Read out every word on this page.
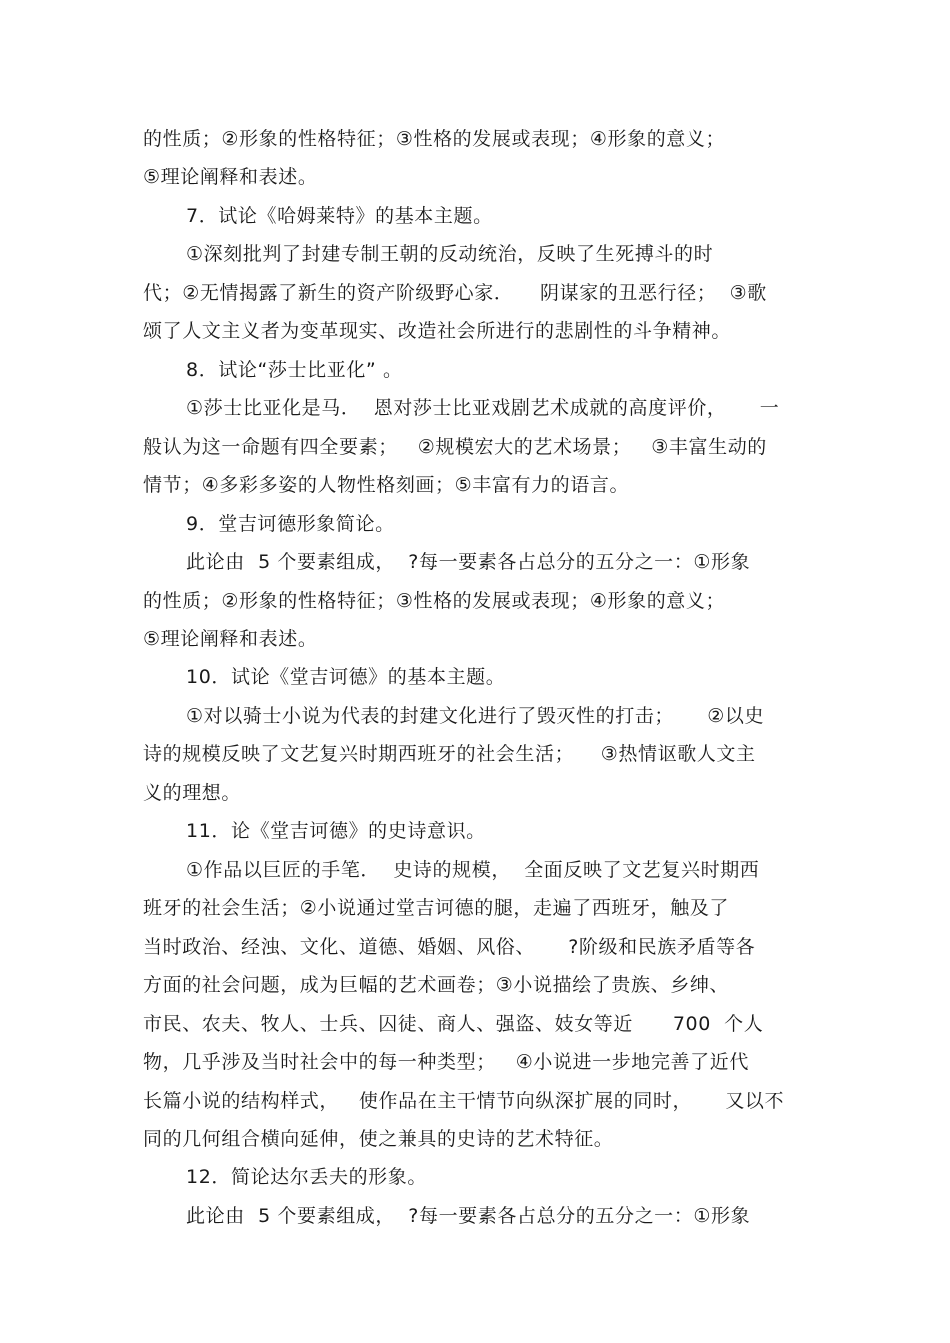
的性质；②形象的性格特征；③性格的发展或表现；④形象的意义；
⑤理论阐释和表述。
7．试论《哈姆莱特》的基本主题。
①深刻批判了封建专制王朝的反动统治，反映了生死搏斗的时
代；②无情揭露了新生的资产阶级野心家．    阴谋家的丑恶行径；  ③歌
颂了人文主义者为变革现实、改造社会所进行的悲剧性的斗争精神。
8．试论“莎士比亚化” 。
①莎士比亚化是马．  恩对莎士比亚戏剧艺术成就的高度评价，     一
般认为这一命题有四全要素；   ②规模宏大的艺术场景；   ③丰富生动的
情节；④多彩多姿的人物性格刻画；⑤丰富有力的语言。
9．堂吉诃德形象简论。
此论由  5 个要素组成，  ?每一要素各占总分的五分之一：①形象
的性质；②形象的性格特征；③性格的发展或表现；④形象的意义；
⑤理论阐释和表述。
10．试论《堂吉诃德》的基本主题。
①对以骑士小说为代表的封建文化进行了毁灭性的打击；     ②以史
诗的规模反映了文艺复兴时期西班牙的社会生活；    ③热情讴歌人文主
义的理想。
11．论《堂吉诃德》的史诗意识。
①作品以巨匠的手笔．  史诗的规模，  全面反映了文艺复兴时期西
班牙的社会生活；②小说通过堂吉诃德的腿，走遍了西班牙，触及了
当时政治、经浊、文化、道德、婚姻、风俗、     ?阶级和民族矛盾等各
方面的社会问题，成为巨幅的艺术画卷；③小说描绘了贵族、乡绅、
市民、农夫、牧人、士兵、囚徒、商人、强盗、妓女等近      700  个人
物，几乎涉及当时社会中的每一种类型；   ④小说进一步地完善了近代
长篇小说的结构样式，   使作品在主干情节向纵深扩展的同时，     又以不
同的几何组合横向延伸，使之兼具的史诗的艺术特征。
12．简论达尔丢夫的形象。
此论由  5 个要素组成，  ?每一要素各占总分的五分之一：①形象
